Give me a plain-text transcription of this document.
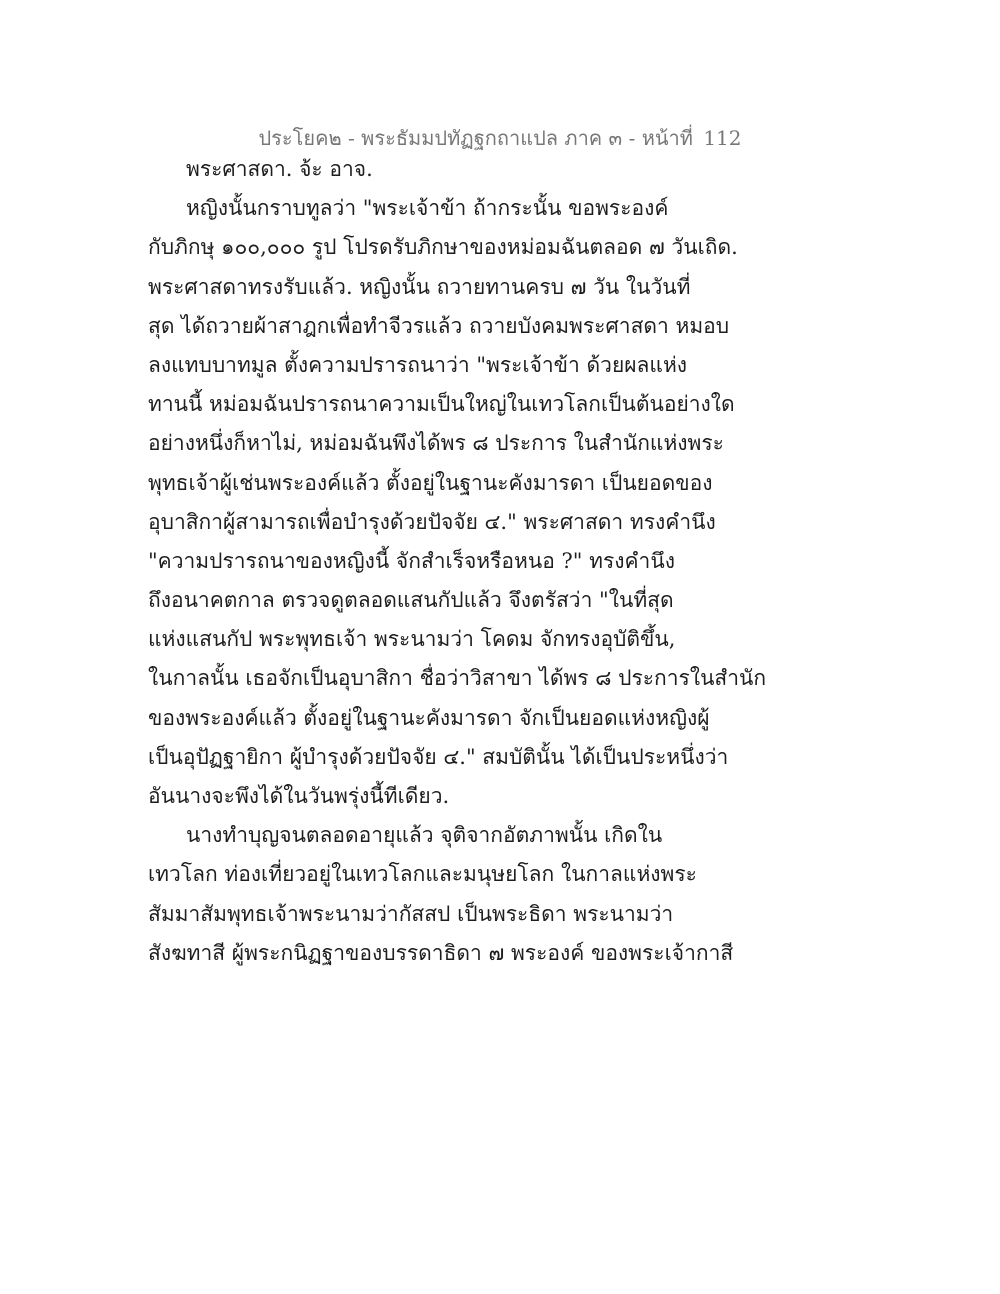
ประโยค๒ - พระธัมมปทัฏฐกถาแปล ภาค ๓ - หน้าที่ 112
พระศาสดา. จ้ะ อาจ.
หญิงนั้นกราบทูลว่า "พระเจ้าข้า ถ้ากระนั้น ขอพระองค์
กับภิกษุ ๑๐๐,๐๐๐ รูป โปรดรับภิกษาของหม่อมฉันตลอด ๗ วันเถิด.
พระศาสดาทรงรับแล้ว. หญิงนั้น ถวายทานครบ ๗ วัน ในวันที่
สุด ได้ถวายผ้าสาฎกเพื่อทำจีวรแล้ว ถวายบังคมพระศาสดา หมอบ
ลงแทบบาทมูล ตั้งความปรารถนาว่า "พระเจ้าข้า ด้วยผลแห่ง
ทานนี้ หม่อมฉันปรารถนาความเป็นใหญ่ในเทวโลกเป็นต้นอย่างใด
อย่างหนึ่งก็หาไม่, หม่อมฉันพึงได้พร ๘ ประการ ในสำนักแห่งพระ
พุทธเจ้าผู้เช่นพระองค์แล้ว ตั้งอยู่ในฐานะคังมารดา เป็นยอดของ
อุบาสิกาผู้สามารถเพื่อบำรุงด้วยปัจจัย ๔." พระศาสดา ทรงคำนึง
"ความปรารถนาของหญิงนี้ จักสำเร็จหรือหนอ ?" ทรงคำนึง
ถึงอนาคตกาล ตรวจดูตลอดแสนกัปแล้ว จึงตรัสว่า "ในที่สุด
แห่งแสนกัป พระพุทธเจ้า พระนามว่า โคดม จักทรงอุบัติขึ้น,
ในกาลนั้น เธอจักเป็นอุบาสิกา ชื่อว่าวิสาขา ได้พร ๘ ประการในสำนัก
ของพระองค์แล้ว ตั้งอยู่ในฐานะคังมารดา จักเป็นยอดแห่งหญิงผู้
เป็นอุปัฏฐายิกา ผู้บำรุงด้วยปัจจัย ๔." สมบัตินั้น ได้เป็นประหนึ่งว่า
อันนางจะพึงได้ในวันพรุ่งนี้ทีเดียว.
นางทำบุญจนตลอดอายุแล้ว จุติจากอัตภาพนั้น เกิดใน
เทวโลก ท่องเที่ยวอยู่ในเทวโลกและมนุษยโลก ในกาลแห่งพระ
สัมมาสัมพุทธเจ้าพระนามว่ากัสสป เป็นพระธิดา พระนามว่า
สังฆทาสี ผู้พระกนิฏฐาของบรรดาธิดา ๗ พระองค์ ของพระเจ้ากาสี
